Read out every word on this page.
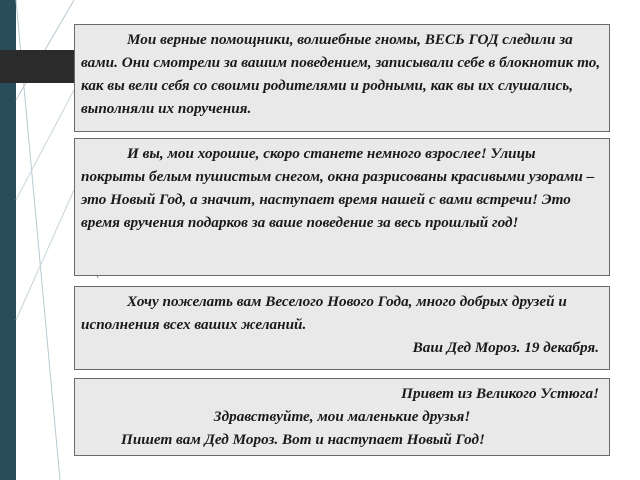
Мои верные помощники, волшебные гномы, ВЕСЬ ГОД следили за вами. Они смотрели за вашим поведением, записывали себе в блокнотик то, как вы вели себя со своими родителями и родными, как вы их слушались, выполняли их поручения.

И вы, мои хорошие, скоро станете немного взрослее! Улицы покрыты белым пушистым снегом, окна разрисованы красивыми узорами – это Новый Год, а значит, наступает время нашей с вами встречи! Это время вручения подарков за ваше поведение за весь прошлый год!

Хочу пожелать вам Веселого Нового Года, много добрых друзей и исполнения всех ваших желаний.

Ваш Дед Мороз. 19 декабря.

Привет из Великого Устюга!

Здравствуйте, мои маленькие друзья!

Пишет вам Дед Мороз. Вот и наступает Новый Год!
